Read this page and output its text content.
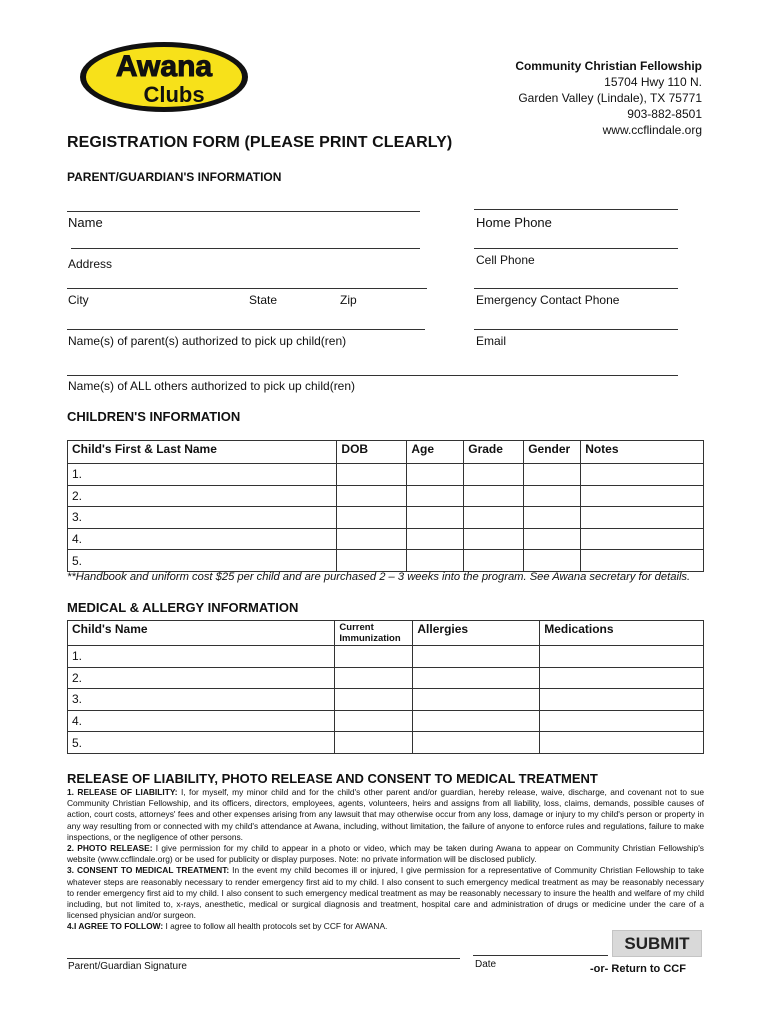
Awana
Clubs
Community Christian Fellowship
15704 Hwy 110 N.
Garden Valley (Lindale), TX 75771
903-882-8501
www.ccflindale.org
REGISTRATION FORM (PLEASE PRINT CLEARLY)
PARENT/GUARDIAN'S INFORMATION
Name	Home Phone
Address	Cell Phone
City	State	Zip	Emergency Contact Phone
Name(s) of parent(s) authorized to pick up child(ren)	Email
Name(s) of ALL others authorized to pick up child(ren)
CHILDREN'S INFORMATION
Child's First & Last Name	DOB	Age	Grade	Gender	Notes
1.					
2.					
3.					
4.					
5.					
**Handbook and uniform cost $25 per child and are purchased 2 – 3 weeks into the program. See Awana secretary for details.
MEDICAL & ALLERGY INFORMATION
Child's Name	Current Immunization	Allergies	Medications
1.			
2.			
3.			
4.			
5.			
RELEASE OF LIABILITY, PHOTO RELEASE AND CONSENT TO MEDICAL TREATMENT

1. RELEASE OF LIABILITY: I, for myself, my minor child and for the child's other parent and/or guardian, hereby release, waive, discharge, and covenant not to sue Community Christian Fellowship, and its officers, directors, employees, agents, volunteers, heirs and assigns from all liability, loss, claims, demands, possible causes of action, court costs, attorneys' fees and other expenses arising from any lawsuit that may otherwise occur from any loss, damage or injury to my child's person or property in any way resulting from or connected with my child's attendance at Awana, including, without limitation, the failure of anyone to enforce rules and regulations, failure to make inspections, or the negligence of other persons.

2. PHOTO RELEASE: I give permission for my child to appear in a photo or video, which may be taken during Awana to appear on Community Christian Fellowship's website (www.ccflindale.org) or be used for publicity or display purposes. Note: no private information will be disclosed publicly.

3. CONSENT TO MEDICAL TREATMENT: In the event my child becomes ill or injured, I give permission for a representative of Community Christian Fellowship to take whatever steps are reasonably necessary to render emergency first aid to my child. I also consent to such emergency medical treatment as may be reasonably necessary to render emergency first aid to my child. I also consent to such emergency medical treatment as may be reasonably necessary to insure the health and welfare of my child including, but not limited to, x-rays, anesthetic, medical or surgical diagnosis and treatment, hospital care and administration of drugs or medicine under the care of a licensed physician and/or surgeon.

4.I AGREE TO FOLLOW: I agree to follow all health protocols set by CCF for AWANA.

Parent/Guardian Signature	Date
SUBMIT
-or- Return to CCF
